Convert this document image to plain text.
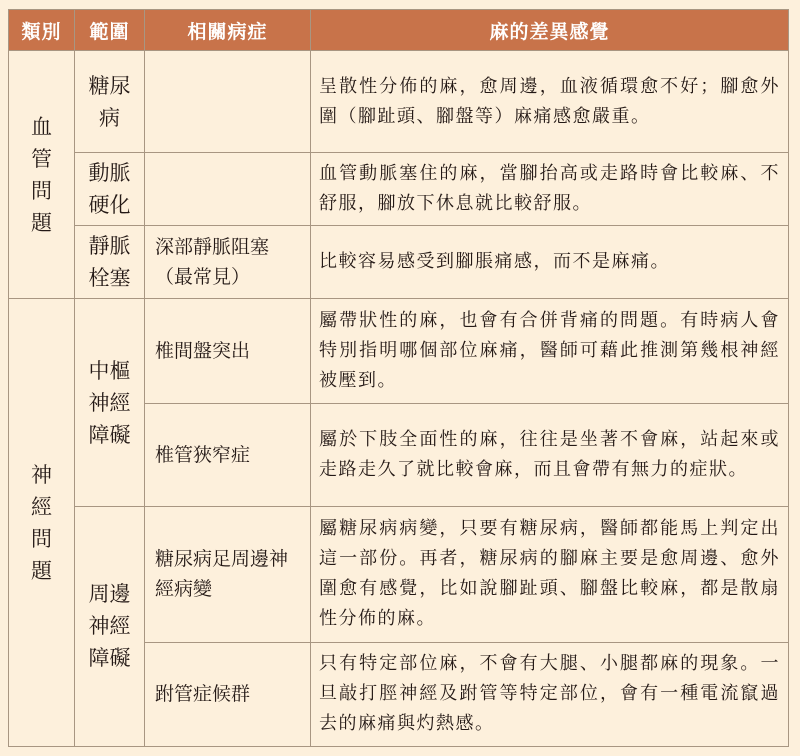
類別	範圍	相關病症	麻的差異感覺
血管問題	糖尿病		呈散性分佈的麻，愈周邊，血液循環愈不好；腳愈外圍（腳趾頭、腳盤等）麻痛感愈嚴重。
	動脈硬化		血管動脈塞住的麻，當腳抬高或走路時會比較麻、不舒服，腳放下休息就比較舒服。
	靜脈栓塞	深部靜脈阻塞（最常見）	比較容易感受到腳脹痛感，而不是麻痛。
神經問題	中樞神經障礙	椎間盤突出	屬帶狀性的麻，也會有合併背痛的問題。有時病人會特別指明哪個部位麻痛，醫師可藉此推測第幾根神經被壓到。
		椎管狹窄症	屬於下肢全面性的麻，往往是坐著不會麻，站起來或走路走久了就比較會麻，而且會帶有無力的症狀。
	周邊神經障礙	糖尿病足周邊神經病變	屬糖尿病病變，只要有糖尿病，醫師都能馬上判定出這一部份。再者，糖尿病的腳麻主要是愈周邊、愈外圍愈有感覺，比如說腳趾頭、腳盤比較麻，都是散扇性分佈的麻。
		跗管症候群	只有特定部位麻，不會有大腿、小腿都麻的現象。一旦敲打脛神經及跗管等特定部位，會有一種電流竄過去的麻痛與灼熱感。
